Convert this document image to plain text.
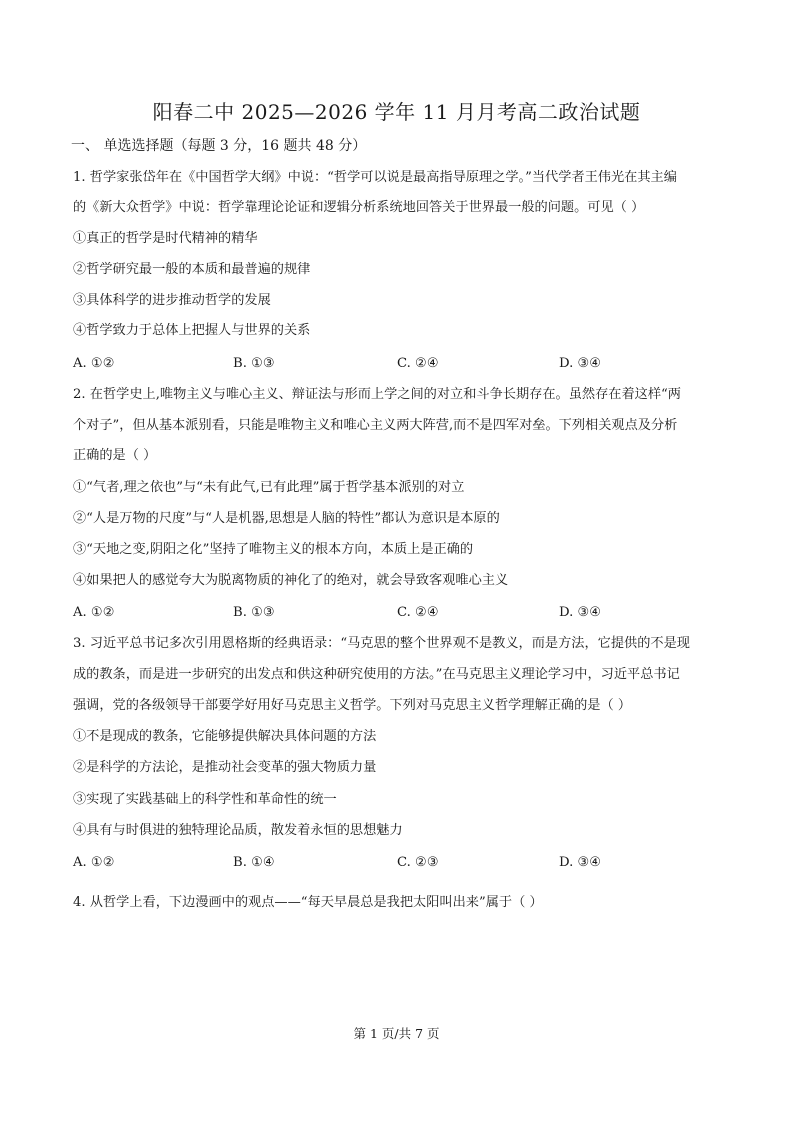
阳春二中 2025—2026 学年 11 月月考高二政治试题
一、 单选选择题（每题 3 分，16 题共 48 分）
1. 哲学家张岱年在《中国哲学大纲》中说：“哲学可以说是最高指导原理之学。”当代学者王伟光在其主编
的《新大众哲学》中说：哲学靠理论论证和逻辑分析系统地回答关于世界最一般的问题。可见（ ）
①真正的哲学是时代精神的精华
②哲学研究最一般的本质和最普遍的规律
③具体科学的进步推动哲学的发展
④哲学致力于总体上把握人与世界的关系
A. ①②	B. ①③	C. ②④	D. ③④
2. 在哲学史上,唯物主义与唯心主义、辩证法与形而上学之间的对立和斗争长期存在。虽然存在着这样“两
个对子”，但从基本派别看，只能是唯物主义和唯心主义两大阵营,而不是四军对垒。下列相关观点及分析
正确的是（ ）
①“气者,理之依也”与“未有此气,已有此理”属于哲学基本派别的对立
②“人是万物的尺度”与“人是机器,思想是人脑的特性”都认为意识是本原的
③“天地之变,阴阳之化”坚持了唯物主义的根本方向，本质上是正确的
④如果把人的感觉夸大为脱离物质的神化了的绝对，就会导致客观唯心主义
A. ①②	B. ①③	C. ②④	D. ③④
3. 习近平总书记多次引用恩格斯的经典语录：“马克思的整个世界观不是教义，而是方法，它提供的不是现
成的教条，而是进一步研究的出发点和供这种研究使用的方法。”在马克思主义理论学习中，习近平总书记
强调，党的各级领导干部要学好用好马克思主义哲学。下列对马克思主义哲学理解正确的是（ ）
①不是现成的教条，它能够提供解决具体问题的方法
②是科学的方法论，是推动社会变革的强大物质力量
③实现了实践基础上的科学性和革命性的统一
④具有与时俱进的独特理论品质，散发着永恒的思想魅力
A. ①②	B. ①④	C. ②③	D. ③④
4. 从哲学上看，下边漫画中的观点——“每天早晨总是我把太阳叫出来”属于（ ）
第 1 页/共 7 页
